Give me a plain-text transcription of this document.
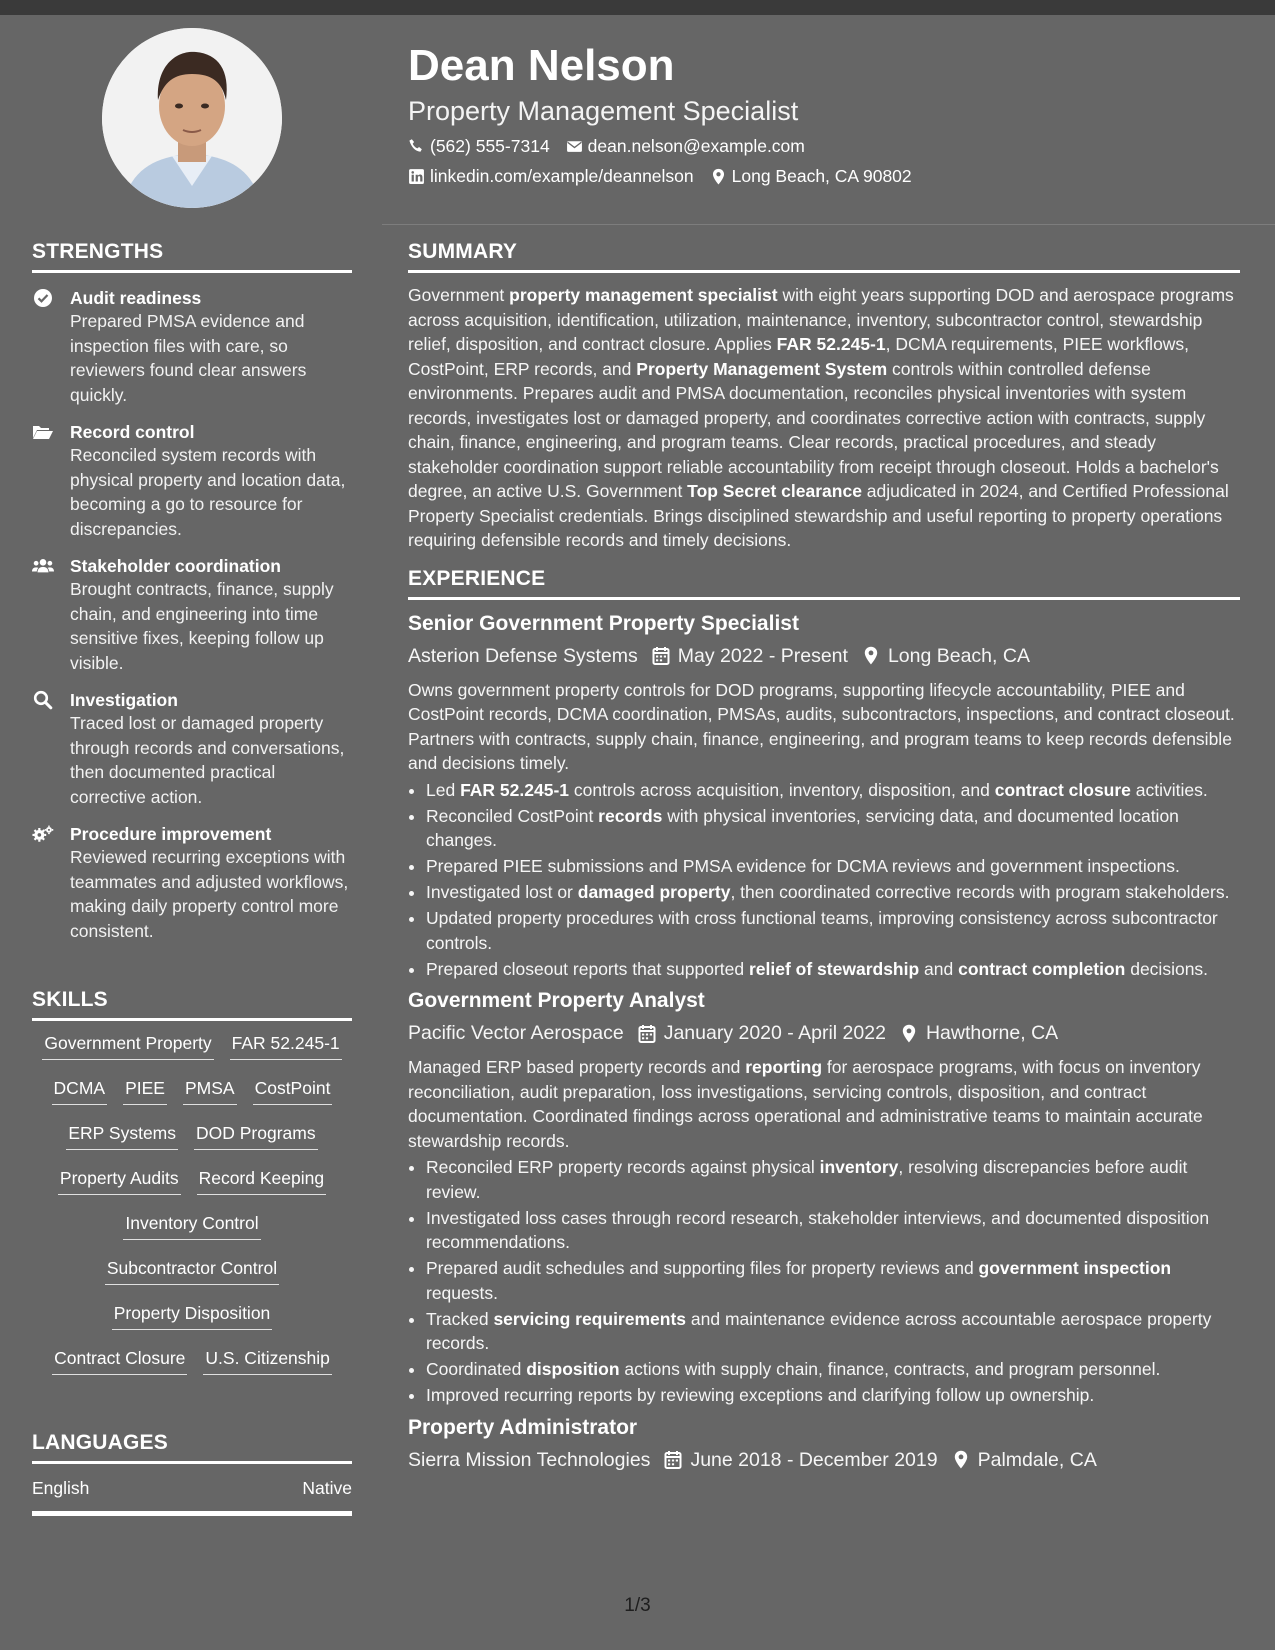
STRENGTHS
Audit readiness
Prepared PMSA evidence and inspection files with care, so reviewers found clear answers quickly.
Record control
Reconciled system records with physical property and location data, becoming a go to resource for discrepancies.
Stakeholder coordination
Brought contracts, finance, supply chain, and engineering into time sensitive fixes, keeping follow up visible.
Investigation
Traced lost or damaged property through records and conversations, then documented practical corrective action.
Procedure improvement
Reviewed recurring exceptions with teammates and adjusted workflows, making daily property control more consistent.
SKILLS
Government Property FAR 52.245-1
DCMA PIEE PMSA CostPoint
ERP Systems DOD Programs
Property Audits Record Keeping
Inventory Control
Subcontractor Control
Property Disposition
Contract Closure U.S. Citizenship
LANGUAGES
English	Native
Dean Nelson
Property Management Specialist
(562) 555-7314 dean.nelson@example.com
linkedin.com/example/deannelson Long Beach, CA 90802
SUMMARY

Government property management specialist with eight years supporting DOD and aerospace programs across acquisition, identification, utilization, maintenance, inventory, subcontractor control, stewardship relief, disposition, and contract closure. Applies FAR 52.245-1, DCMA requirements, PIEE workflows, CostPoint, ERP records, and Property Management System controls within controlled defense environments. Prepares audit and PMSA documentation, reconciles physical inventories with system records, investigates lost or damaged property, and coordinates corrective action with contracts, supply chain, finance, engineering, and program teams. Clear records, practical procedures, and steady stakeholder coordination support reliable accountability from receipt through closeout. Holds a bachelor's degree, an active U.S. Government Top Secret clearance adjudicated in 2024, and Certified Professional Property Specialist credentials. Brings disciplined stewardship and useful reporting to property operations requiring defensible records and timely decisions.

EXPERIENCE
Senior Government Property Specialist
Asterion Defense Systems May 2022 - Present Long Beach, CA

Owns government property controls for DOD programs, supporting lifecycle accountability, PIEE and CostPoint records, DCMA coordination, PMSAs, audits, subcontractors, inspections, and contract closeout. Partners with contracts, supply chain, finance, engineering, and program teams to keep records defensible and decisions timely.

• Led FAR 52.245-1 controls across acquisition, inventory, disposition, and contract closure activities.
• Reconciled CostPoint records with physical inventories, servicing data, and documented location changes.
• Prepared PIEE submissions and PMSA evidence for DCMA reviews and government inspections.
• Investigated lost or damaged property, then coordinated corrective records with program stakeholders.
• Updated property procedures with cross functional teams, improving consistency across subcontractor controls.
• Prepared closeout reports that supported relief of stewardship and contract completion decisions.
Government Property Analyst
Pacific Vector Aerospace January 2020 - April 2022 Hawthorne, CA

Managed ERP based property records and reporting for aerospace programs, with focus on inventory reconciliation, audit preparation, loss investigations, servicing controls, disposition, and contract documentation. Coordinated findings across operational and administrative teams to maintain accurate stewardship records.

• Reconciled ERP property records against physical inventory, resolving discrepancies before audit review.
• Investigated loss cases through record research, stakeholder interviews, and documented disposition recommendations.
• Prepared audit schedules and supporting files for property reviews and government inspection requests.
• Tracked servicing requirements and maintenance evidence across accountable aerospace property records.
• Coordinated disposition actions with supply chain, finance, contracts, and program personnel.
• Improved recurring reports by reviewing exceptions and clarifying follow up ownership.
Property Administrator
Sierra Mission Technologies June 2018 - December 2019 Palmdale, CA
1/3
